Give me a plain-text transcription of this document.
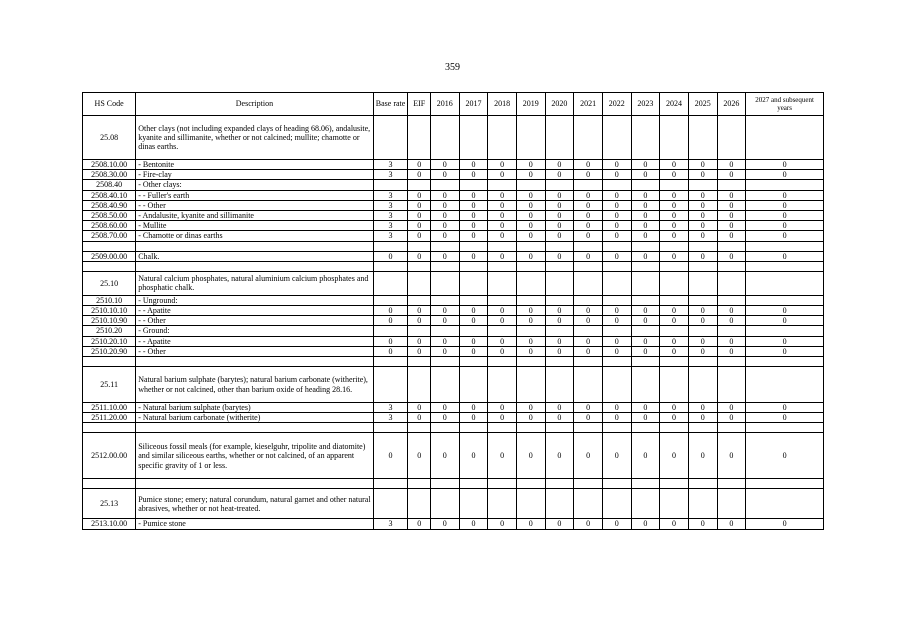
359
HS Code	Description	Base rate	EIF	2016	2017	2018	2019	2020	2021	2022	2023	2024	2025	2026	2027 and subsequent years
25.08	Other clays (not including expanded clays of heading 68.06), andalusite, kyanite and sillimanite, whether or not calcined; mullite; chamotte or dinas earths.														
2508.10.00	- Bentonite	3	0	0	0	0	0	0	0	0	0	0	0	0	0
2508.30.00	- Fire-clay	3	0	0	0	0	0	0	0	0	0	0	0	0	0
2508.40	- Other clays:														
2508.40.10	- - Fuller's earth	3	0	0	0	0	0	0	0	0	0	0	0	0	0
2508.40.90	- - Other	3	0	0	0	0	0	0	0	0	0	0	0	0	0
2508.50.00	- Andalusite, kyanite and sillimanite	3	0	0	0	0	0	0	0	0	0	0	0	0	0
2508.60.00	- Mullite	3	0	0	0	0	0	0	0	0	0	0	0	0	0
2508.70.00	- Chamotte or dinas earths	3	0	0	0	0	0	0	0	0	0	0	0	0	0

2509.00.00	Chalk.	0	0	0	0	0	0	0	0	0	0	0	0	0	0

25.10	Natural calcium phosphates, natural aluminium calcium phosphates and phosphatic chalk.														
2510.10	- Unground:														
2510.10.10	- - Apatite	0	0	0	0	0	0	0	0	0	0	0	0	0	0
2510.10.90	- - Other	0	0	0	0	0	0	0	0	0	0	0	0	0	0
2510.20	- Ground:														
2510.20.10	- - Apatite	0	0	0	0	0	0	0	0	0	0	0	0	0	0
2510.20.90	- - Other	0	0	0	0	0	0	0	0	0	0	0	0	0	0

25.11	Natural barium sulphate (barytes); natural barium carbonate (witherite), whether or not calcined, other than barium oxide of heading 28.16.														
2511.10.00	- Natural barium sulphate (barytes)	3	0	0	0	0	0	0	0	0	0	0	0	0	0
2511.20.00	- Natural barium carbonate (witherite)	3	0	0	0	0	0	0	0	0	0	0	0	0	0

2512.00.00	Siliceous fossil meals (for example, kieselguhr, tripolite and diatomite) and similar siliceous earths, whether or not calcined, of an apparent specific gravity of 1 or less.	0	0	0	0	0	0	0	0	0	0	0	0	0	0

25.13	Pumice stone; emery; natural corundum, natural garnet and other natural abrasives, whether or not heat-treated.														
2513.10.00	- Pumice stone	3	0	0	0	0	0	0	0	0	0	0	0	0	0
